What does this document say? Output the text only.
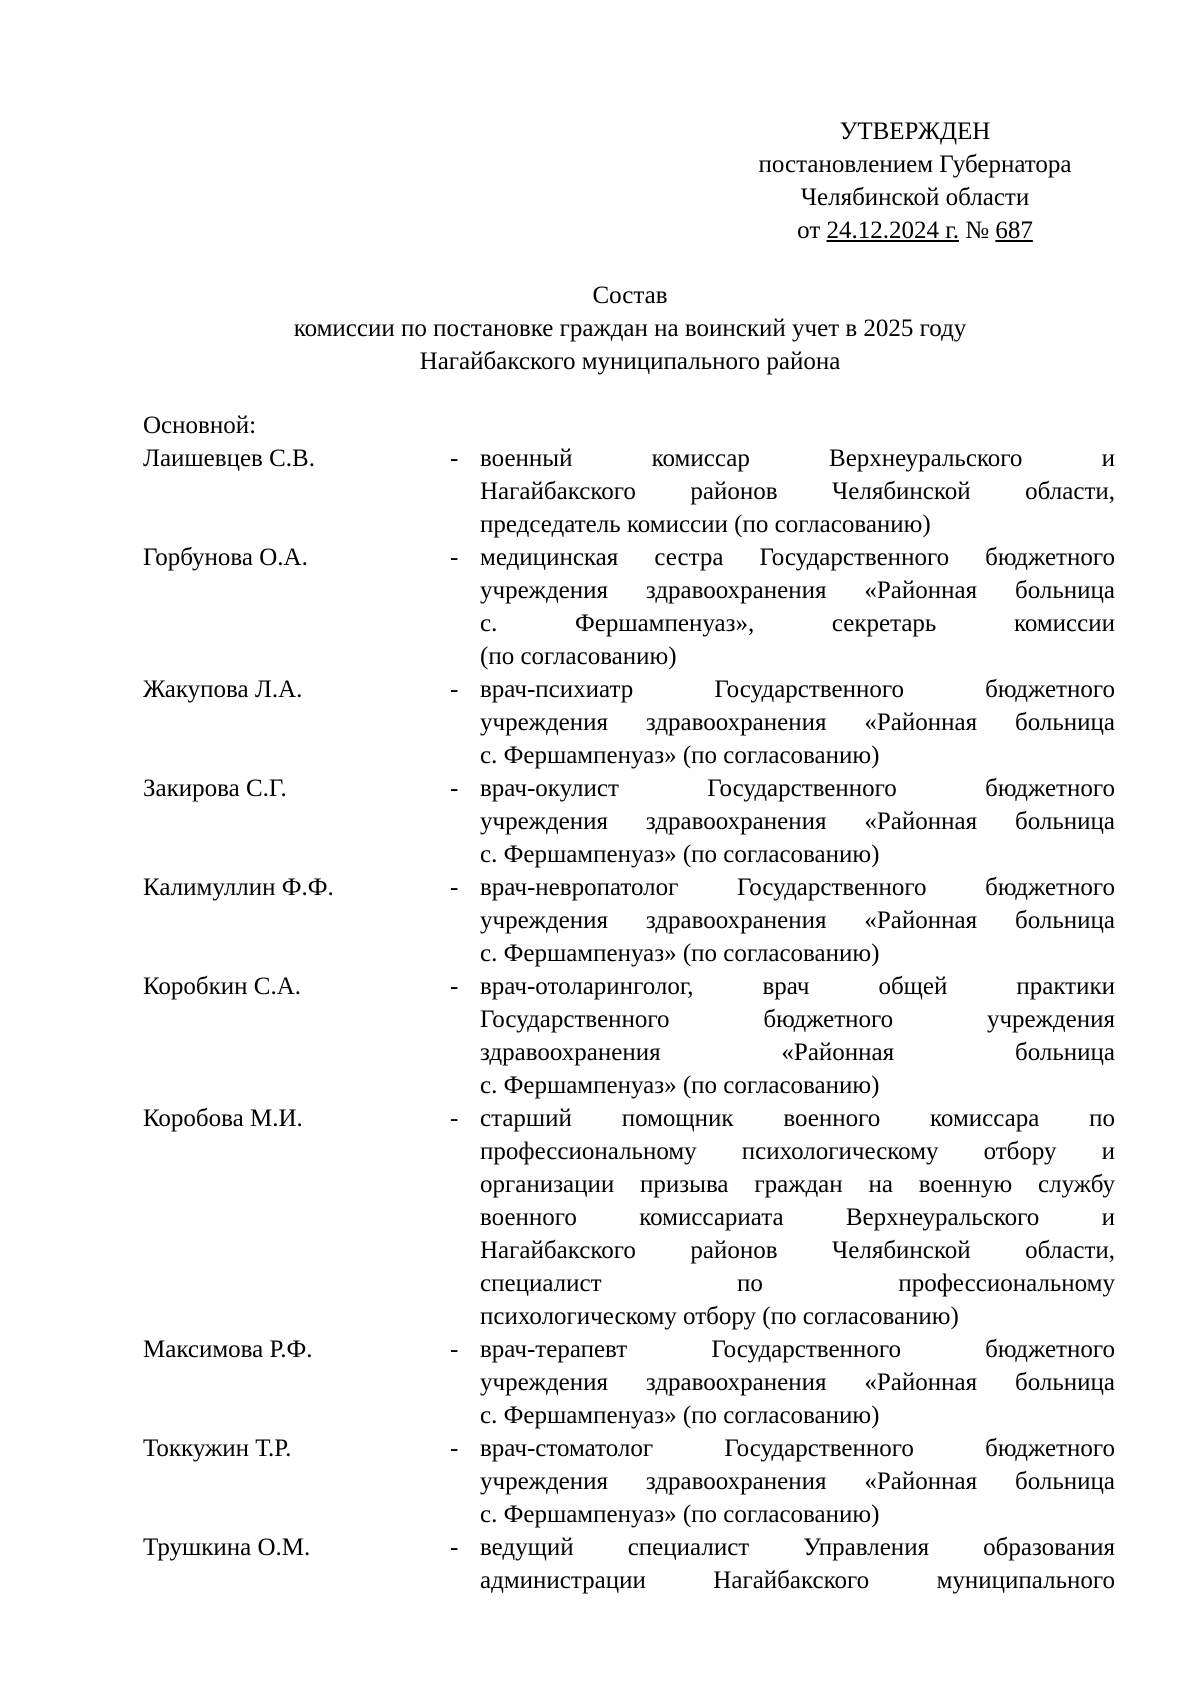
УТВЕРЖДЕН
постановлением Губернатора
Челябинской области
от 24.12.2024 г. № 687
Состав
комиссии по постановке граждан на воинский учет в 2025 году
Нагайбакского муниципального района
Основной:
Лаишевцев С.В.	- военный комиссар Верхнеуральского и
Нагайбакского районов Челябинской области,
председатель комиссии (по согласованию)
Горбунова О.А.	- медицинская сестра Государственного бюджетного
учреждения здравоохранения «Районная больница
с. Фершампенуаз», секретарь комиссии
(по согласованию)
Жакупова Л.А.	- врач-психиатр Государственного бюджетного
учреждения здравоохранения «Районная больница
с. Фершампенуаз» (по согласованию)
Закирова С.Г.	- врач-окулист Государственного бюджетного
учреждения здравоохранения «Районная больница
с. Фершампенуаз» (по согласованию)
Калимуллин Ф.Ф.	- врач-невропатолог Государственного бюджетного
учреждения здравоохранения «Районная больница
с. Фершампенуаз» (по согласованию)
Коробкин С.А.	- врач-отоларинголог, врач общей практики
Государственного бюджетного учреждения
здравоохранения «Районная больница
с. Фершампенуаз» (по согласованию)
Коробова М.И.	- старший помощник военного комиссара по
профессиональному психологическому отбору и
организации призыва граждан на военную службу
военного комиссариата Верхнеуральского и
Нагайбакского районов Челябинской области,
специалист по профессиональному
психологическому отбору (по согласованию)
Максимова Р.Ф.	- врач-терапевт Государственного бюджетного
учреждения здравоохранения «Районная больница
с. Фершампенуаз» (по согласованию)
Токкужин Т.Р.	- врач-стоматолог Государственного бюджетного
учреждения здравоохранения «Районная больница
с. Фершампенуаз» (по согласованию)
Трушкина О.М.	- ведущий специалист Управления образования
администрации Нагайбакского муниципального
